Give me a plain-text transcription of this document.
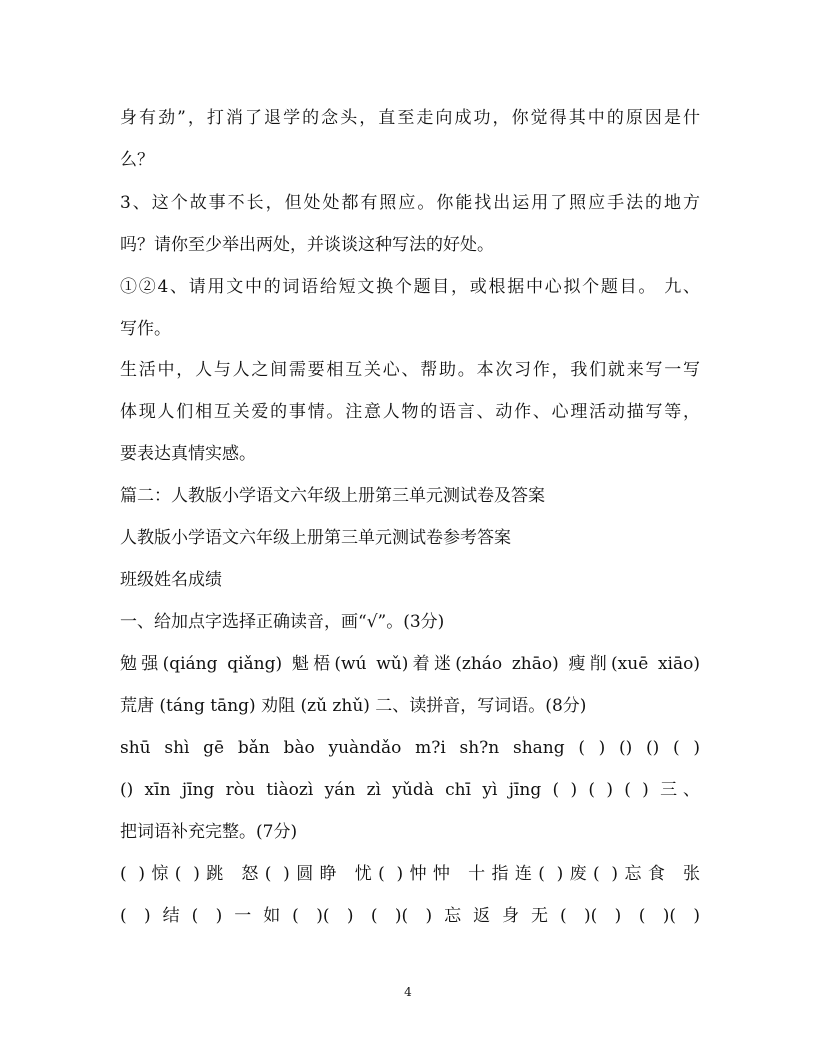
身有劲”，打消了退学的念头，直至走向成功，你觉得其中的原因是什
么？
3、这个故事不长，但处处都有照应。你能找出运用了照应手法的地方
吗？请你至少举出两处，并谈谈这种写法的好处。
①②4、请用文中的词语给短文换个题目，或根据中心拟个题目。 九、
写作。
生活中，人与人之间需要相互关心、帮助。本次习作，我们就来写一写
体现人们相互关爱的事情。注意人物的语言、动作、心理活动描写等，
要表达真情实感。
篇二：人教版小学语文六年级上册第三单元测试卷及答案
人教版小学语文六年级上册第三单元测试卷参考答案
班级姓名成绩
一、给加点字选择正确读音，画“√”。(3分)
勉强(qiáng qiǎng) 魁梧(wú wǔ)着迷(zháo zhāo) 瘦削(xuē xiāo)
荒唐 (táng tāng) 劝阻 (zǔ zhǔ) 二、读拼音，写词语。(8分)
shū shì gē bǎn bào yuàndǎo m?i sh?n shang ( ) () () ( )
() xīn jīng ròu tiàozì yán zì yǔdà chī yì jīng ( ) ( ) ( ) 三、
把词语补充完整。(7分)
( )惊( )跳 怒( )圆睁 忧( )忡忡 十指连( )废( )忘食 张
( )结( )一如( )( ) ( )( )忘返身无( )( ) ( )( )
4
